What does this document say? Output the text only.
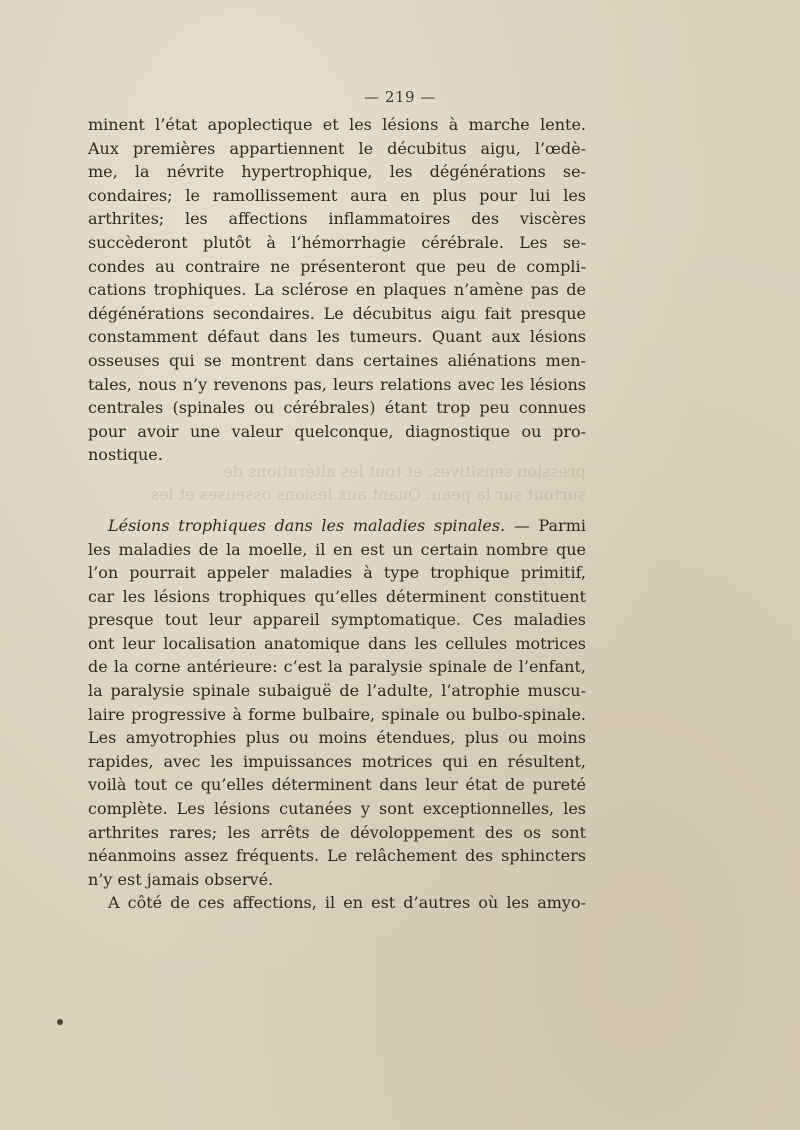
pression sensitives, et tout les altérations de
surtout sur la peau. Quant aux lésions osseuses et les
— 219 —
minent l’état apoplectique et les lésions à marche lente.
Aux premières appartiennent le décubitus aigu, l’œdè-
me, la névrite hypertrophique, les dégénérations se-
condaires; le ramollissement aura en plus pour lui les
arthrites; les affections inflammatoires des viscères
succèderont plutôt à l’hémorrhagie cérébrale. Les se-
condes au contraire ne présenteront que peu de compli-
cations trophiques. La sclérose en plaques n’amène pas de
dégénérations secondaires. Le décubitus aigu fait presque
constamment défaut dans les tumeurs. Quant aux lésions
osseuses qui se montrent dans certaines aliénations men-
tales, nous n’y revenons pas, leurs relations avec les lésions
centrales (spinales ou cérébrales) étant trop peu connues
pour avoir une valeur quelconque, diagnostique ou pro-
nostique.
Lésions trophiques dans les maladies spinales. — Parmi
les maladies de la moelle, il en est un certain nombre que
l’on pourrait appeler maladies à type trophique primitif,
car les lésions trophiques qu’elles déterminent constituent
presque tout leur appareil symptomatique. Ces maladies
ont leur localisation anatomique dans les cellules motrices
de la corne antérieure: c’est la paralysie spinale de l’enfant,
la paralysie spinale subaiguë de l’adulte, l’atrophie muscu-
laire progressive à forme bulbaire, spinale ou bulbo-spinale.
Les amyotrophies plus ou moins étendues, plus ou moins
rapides, avec les impuissances motrices qui en résultent,
voilà tout ce qu’elles déterminent dans leur état de pureté
complète. Les lésions cutanées y sont exceptionnelles, les
arthrites rares; les arrêts de dévoloppement des os sont
néanmoins assez fréquents. Le relâchement des sphincters
n’y est jamais observé.
A côté de ces affections, il en est d’autres où les amyo-
